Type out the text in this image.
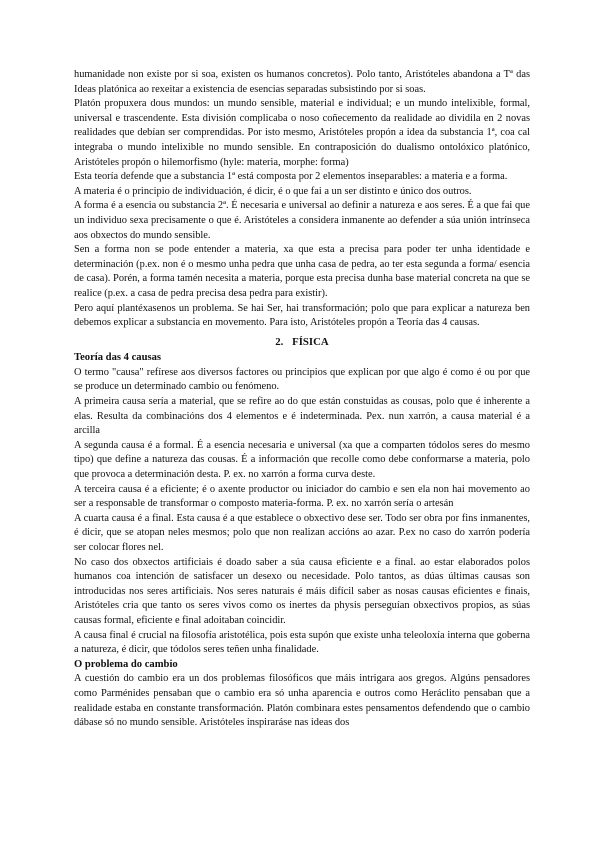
humanidade non existe por si soa, existen os humanos concretos). Polo tanto, Aristóteles abandona a Tª das Ideas platónica ao rexeitar a existencia de esencias separadas subsistindo por si soas.

Platón propuxera dous mundos: un mundo sensible, material e individual; e un mundo intelixible, formal, universal e trascendente. Esta división complicaba o noso coñecemento da realidade ao dividila en 2 novas realidades que debían ser comprendidas. Por isto mesmo, Aristóteles propón a idea da substancia 1ª, coa cal integraba o mundo intelixible no mundo sensible. En contraposición do dualismo ontolóxico platónico, Aristóteles propón o hilemorfismo (hyle: materia, morphe: forma)

Esta teoría defende que a substancia 1ª está composta por 2 elementos inseparables: a materia e a forma.

A materia é o principio de individuación, é dicir, é o que fai a un ser distinto e único dos outros.

A forma é a esencia ou substancia 2ª. É necesaria e universal ao definir a natureza e aos seres. É a que fai que un individuo sexa precisamente o que é. Aristóteles a considera inmanente ao defender a súa unión intrínseca aos obxectos do mundo sensible.

Sen a forma non se pode entender a materia, xa que esta a precisa para poder ter unha identidade e determinación (p.ex. non é o mesmo unha pedra que unha casa de pedra, ao ter esta segunda a forma/ esencia de casa). Porén, a forma tamén necesita a materia, porque esta precisa dunha base material concreta na que se realice (p.ex. a casa de pedra precisa desa pedra para existir).

Pero aquí plantéxasenos un problema. Se hai Ser, hai transformación; polo que para explicar a natureza ben debemos explicar a substancia en movemento. Para isto, Aristóteles propón a Teoría das 4 causas.

2. FÍSICA
Teoría das 4 causas

O termo "causa" refírese aos diversos factores ou principios que explican por que algo é como é ou por que se produce un determinado cambio ou fenómeno.

A primeira causa sería a material, que se refire ao do que están constuidas as cousas, polo que é inherente a elas. Resulta da combinacións dos 4 elementos e é indeterminada. Pex. nun xarrón, a causa material é a arcilla

A segunda causa é a formal. É a esencia necesaria e universal (xa que a comparten tódolos seres do mesmo tipo) que define a natureza das cousas. É a información que recolle como debe conformarse a materia, polo que provoca a determinación desta. P. ex. no xarrón a forma curva deste.

A terceira causa é a eficiente; é o axente productor ou iniciador do cambio e sen ela non hai movemento ao ser a responsable de transformar o composto materia-forma. P. ex. no xarrón sería o artesán

A cuarta causa é a final. Esta causa é a que establece o obxectivo dese ser. Todo ser obra por fins inmanentes, é dicir, que se atopan neles mesmos; polo que non realizan accións ao azar. P.ex no caso do xarrón podería ser colocar flores nel.

No caso dos obxectos artificiais é doado saber a súa causa eficiente e a final. ao estar elaborados polos humanos coa intención de satisfacer un desexo ou necesidade. Polo tantos, as dúas últimas causas son introducidas nos seres artificiais. Nos seres naturais é máis difícil saber as nosas causas eficientes e finais, Aristóteles cria que tanto os seres vivos como os inertes da physis perseguían obxectivos propios, as súas causas formal, eficiente e final adoitaban coincidir.

A causa final é crucial na filosofía aristotélica, pois esta supón que existe unha teleoloxía interna que goberna a natureza, é dicir, que tódolos seres teñen unha finalidade.

O problema do cambio

A cuestión do cambio era un dos problemas filosóficos que máis intrigara aos gregos. Algúns pensadores como Parménides pensaban que o cambio era só unha aparencia e outros como Heráclito pensaban que a realidade estaba en constante transformación. Platón combinara estes pensamentos defendendo que o cambio dábase só no mundo sensible. Aristóteles inspiraráse nas ideas dos
